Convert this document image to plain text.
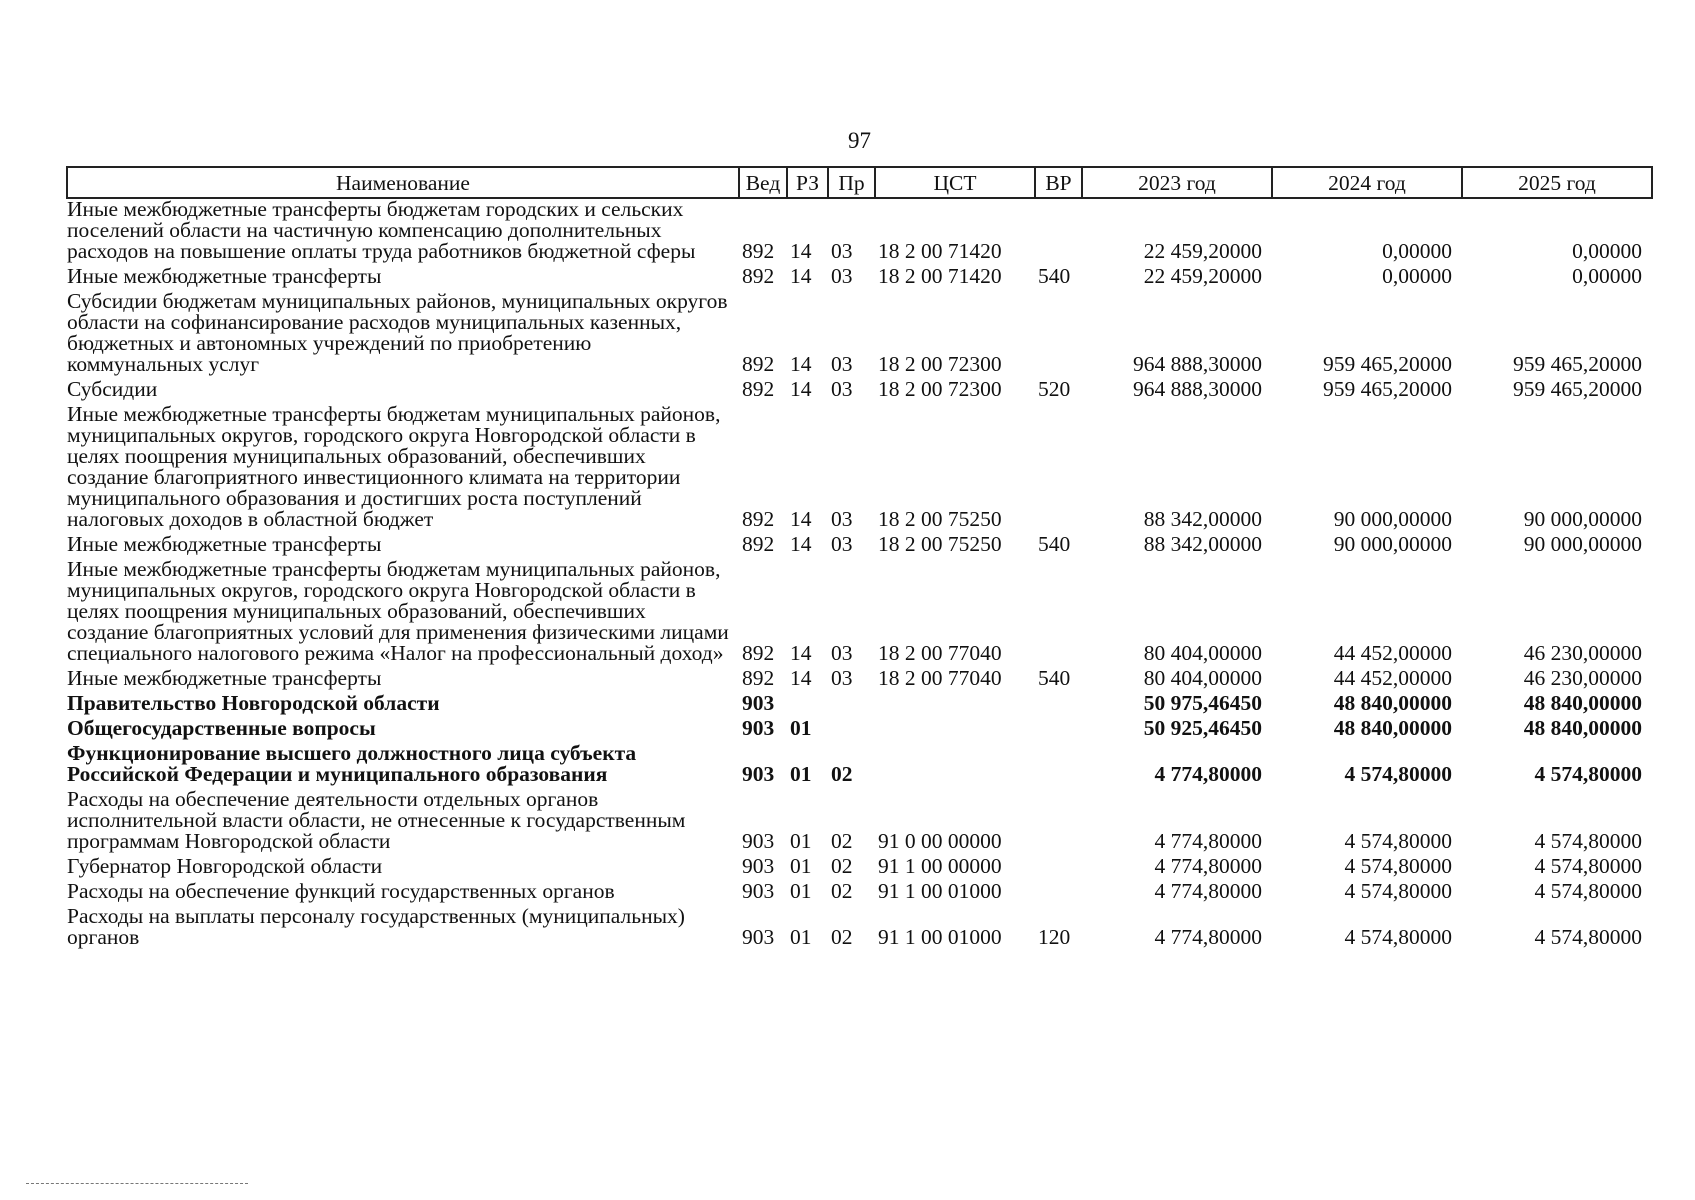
97
Наименование	Вед	РЗ	Пр	ЦСТ	ВР	2023 год	2024 год	2025 год
Иные межбюджетные трансферты бюджетам городских и сельских поселений области на частичную компенсацию дополнительных расходов на повышение оплаты труда работников бюджетной сферы	892	14	03	18 2 00 71420		22 459,20000	0,00000	0,00000
Иные межбюджетные трансферты	892	14	03	18 2 00 71420	540	22 459,20000	0,00000	0,00000
Субсидии бюджетам муниципальных районов, муниципальных округов области на софинансирование расходов муниципальных казенных, бюджетных и автономных учреждений по приобретению коммунальных услуг	892	14	03	18 2 00 72300		964 888,30000	959 465,20000	959 465,20000
Субсидии	892	14	03	18 2 00 72300	520	964 888,30000	959 465,20000	959 465,20000
Иные межбюджетные трансферты бюджетам муниципальных районов, муниципальных округов, городского округа Новгородской области в целях поощрения муниципальных образований, обеспечивших создание благоприятного инвестиционного климата на территории муниципального образования и достигших роста поступлений налоговых доходов в областной бюджет	892	14	03	18 2 00 75250		88 342,00000	90 000,00000	90 000,00000
Иные межбюджетные трансферты	892	14	03	18 2 00 75250	540	88 342,00000	90 000,00000	90 000,00000
Иные межбюджетные трансферты бюджетам муниципальных районов, муниципальных округов, городского округа Новгородской области в целях поощрения муниципальных образований, обеспечивших создание благоприятных условий для применения физическими лицами специального налогового режима «Налог на профессиональный доход»	892	14	03	18 2 00 77040		80 404,00000	44 452,00000	46 230,00000
Иные межбюджетные трансферты	892	14	03	18 2 00 77040	540	80 404,00000	44 452,00000	46 230,00000
Правительство Новгородской области	903					50 975,46450	48 840,00000	48 840,00000
Общегосударственные вопросы	903	01				50 925,46450	48 840,00000	48 840,00000
Функционирование высшего должностного лица субъекта Российской Федерации и муниципального образования	903	01	02			4 774,80000	4 574,80000	4 574,80000
Расходы на обеспечение деятельности отдельных органов исполнительной власти области, не отнесенные к государственным программам Новгородской области	903	01	02	91 0 00 00000		4 774,80000	4 574,80000	4 574,80000
Губернатор Новгородской области	903	01	02	91 1 00 00000		4 774,80000	4 574,80000	4 574,80000
Расходы на обеспечение функций государственных органов	903	01	02	91 1 00 01000		4 774,80000	4 574,80000	4 574,80000
Расходы на выплаты персоналу государственных (муниципальных) органов	903	01	02	91 1 00 01000	120	4 774,80000	4 574,80000	4 574,80000
